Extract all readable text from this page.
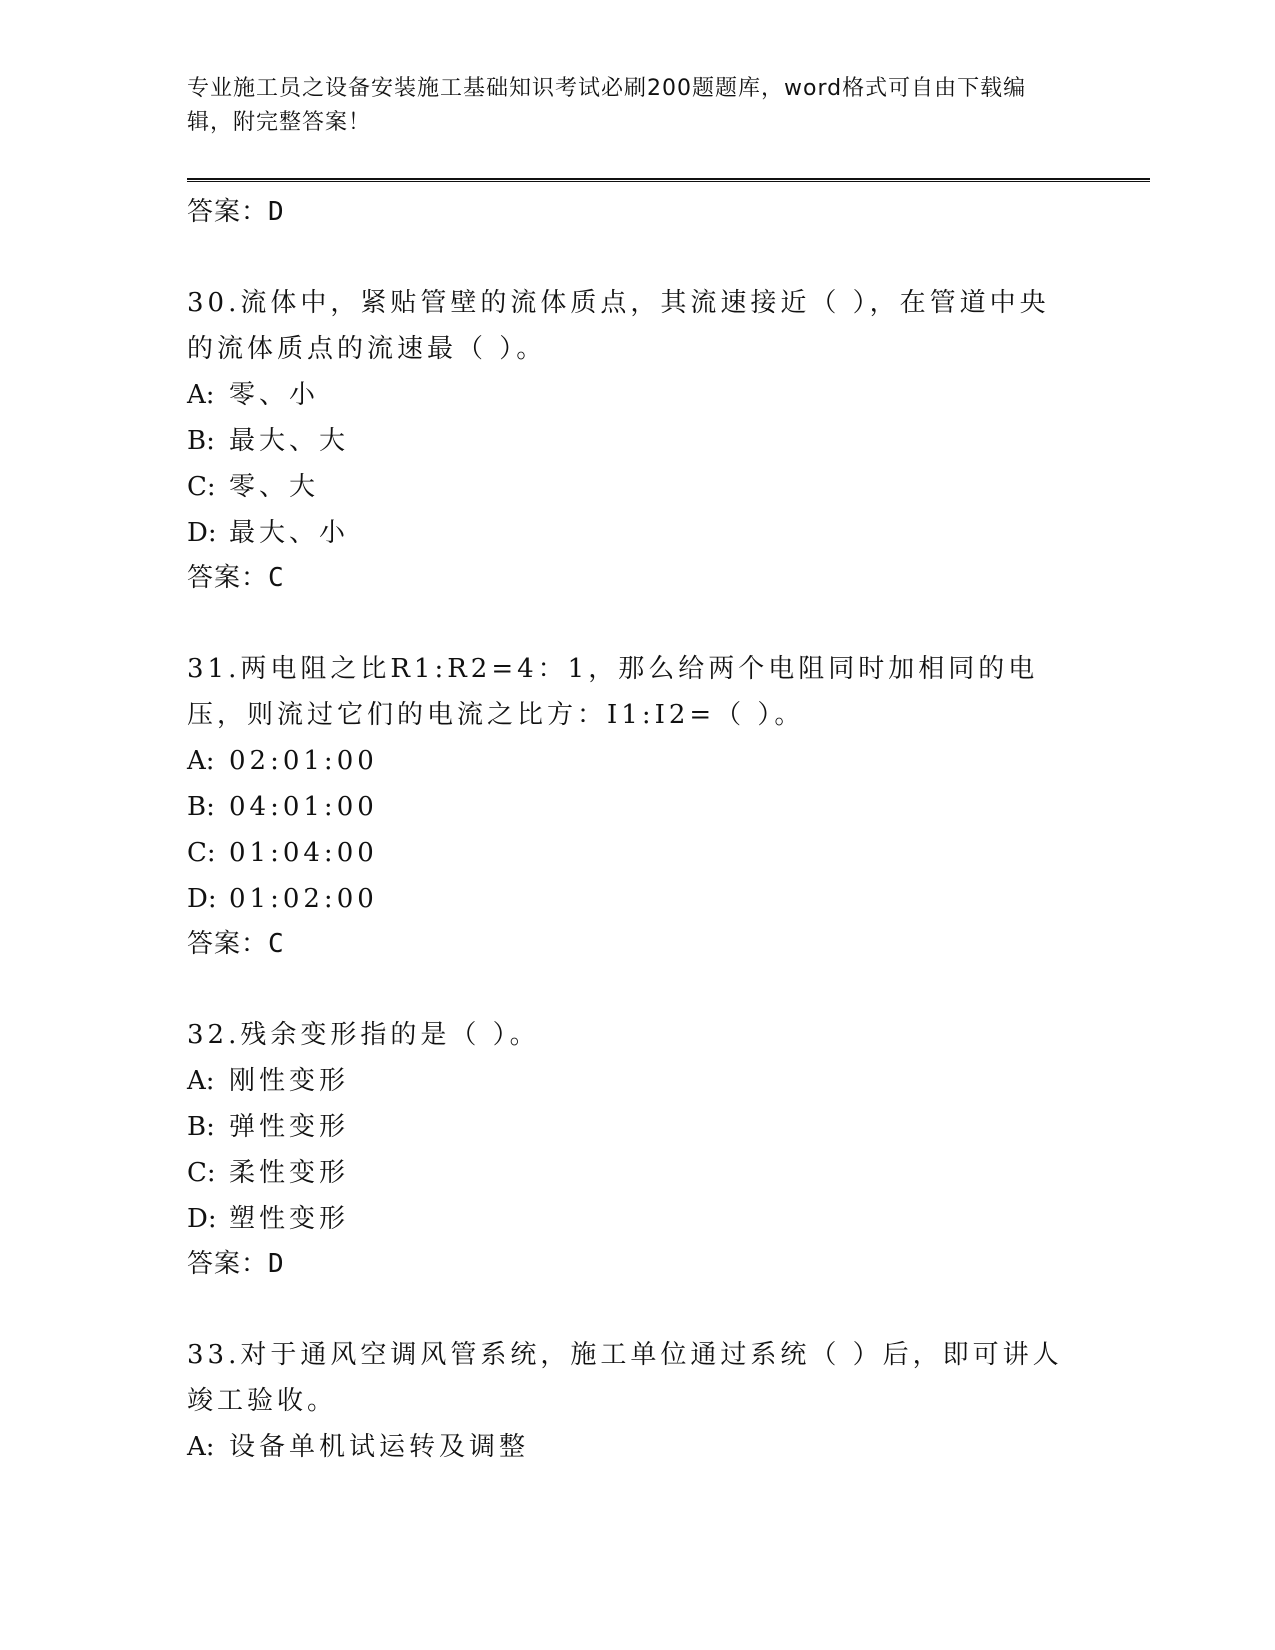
专业施工员之设备安装施工基础知识考试必刷200题题库，word格式可自由下载编辑，附完整答案！

答案：D

30.流体中，紧贴管壁的流体质点，其流速接近（ ），在管道中央的流体质点的流速最（ ）。

A: 零、小

B: 最大、大

C: 零、大

D: 最大、小

答案：C

31.两电阻之比R1:R2=4：1，那么给两个电阻同时加相同的电压，则流过它们的电流之比方：I1:I2=（ ）。

A: 02:01:00

B: 04:01:00

C: 01:04:00

D: 01:02:00

答案：C

32.残余变形指的是（ ）。

A: 刚性变形

B: 弹性变形

C: 柔性变形

D: 塑性变形

答案：D

33.对于通风空调风管系统，施工单位通过系统（ ）后，即可讲人竣工验收。

A: 设备单机试运转及调整
